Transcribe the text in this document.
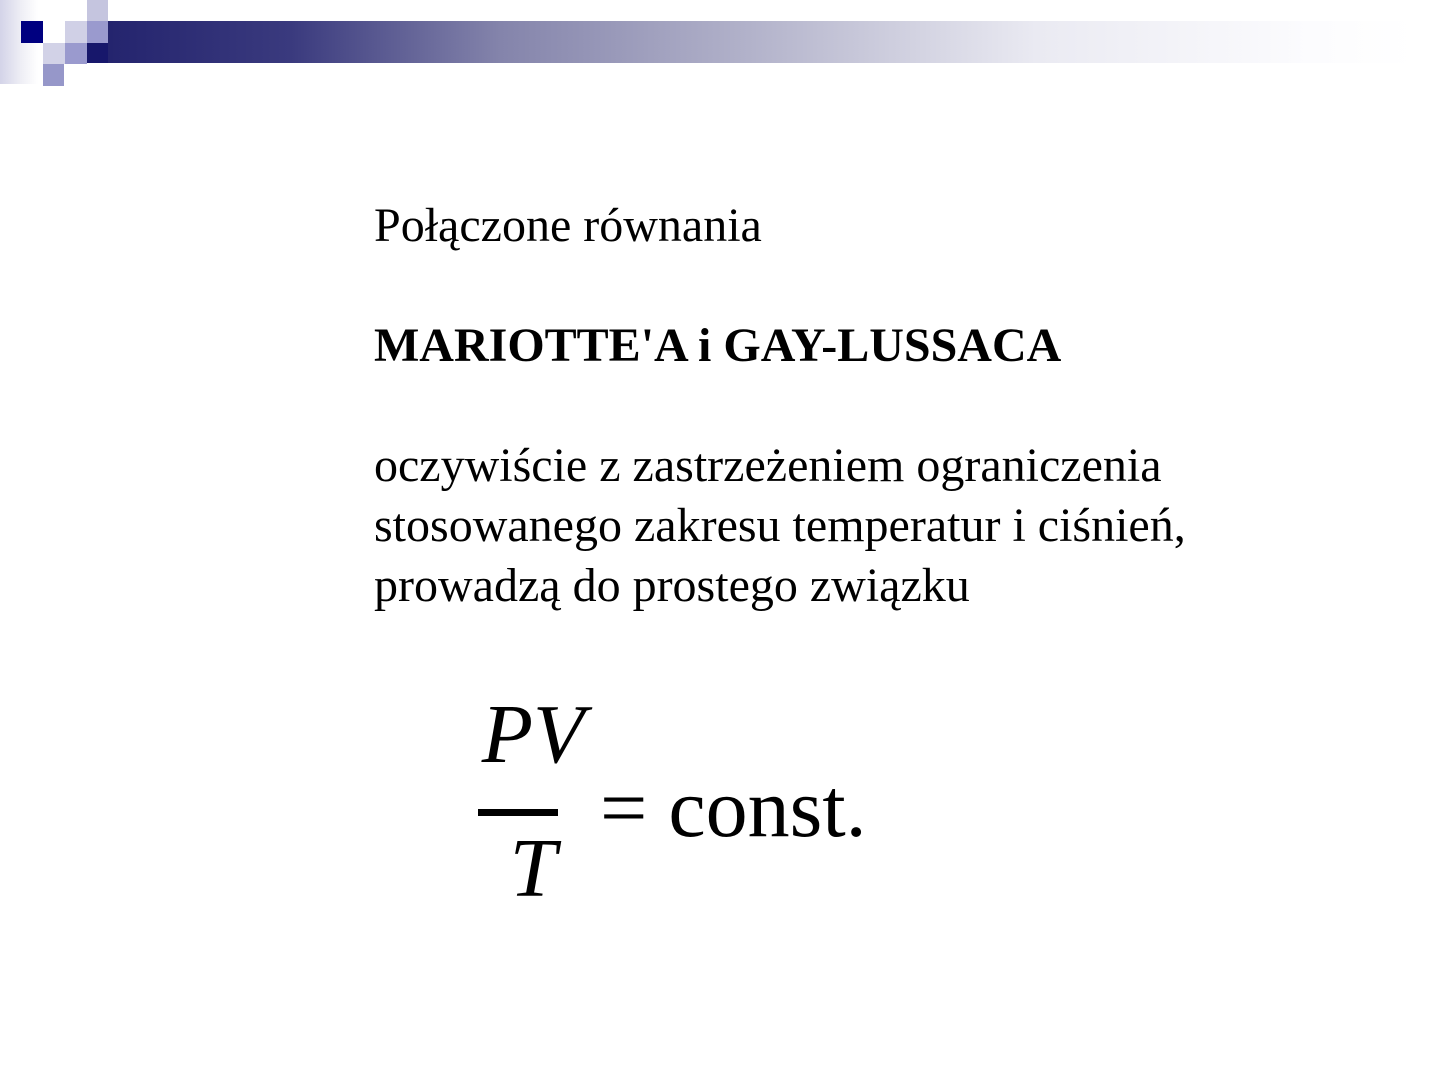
Połączone równania
MARIOTTE'A i GAY-LUSSACA
oczywiście z zastrzeżeniem ograniczenia
stosowanego zakresu temperatur i ciśnień,
prowadzą do prostego związku
PV
T
= const.
